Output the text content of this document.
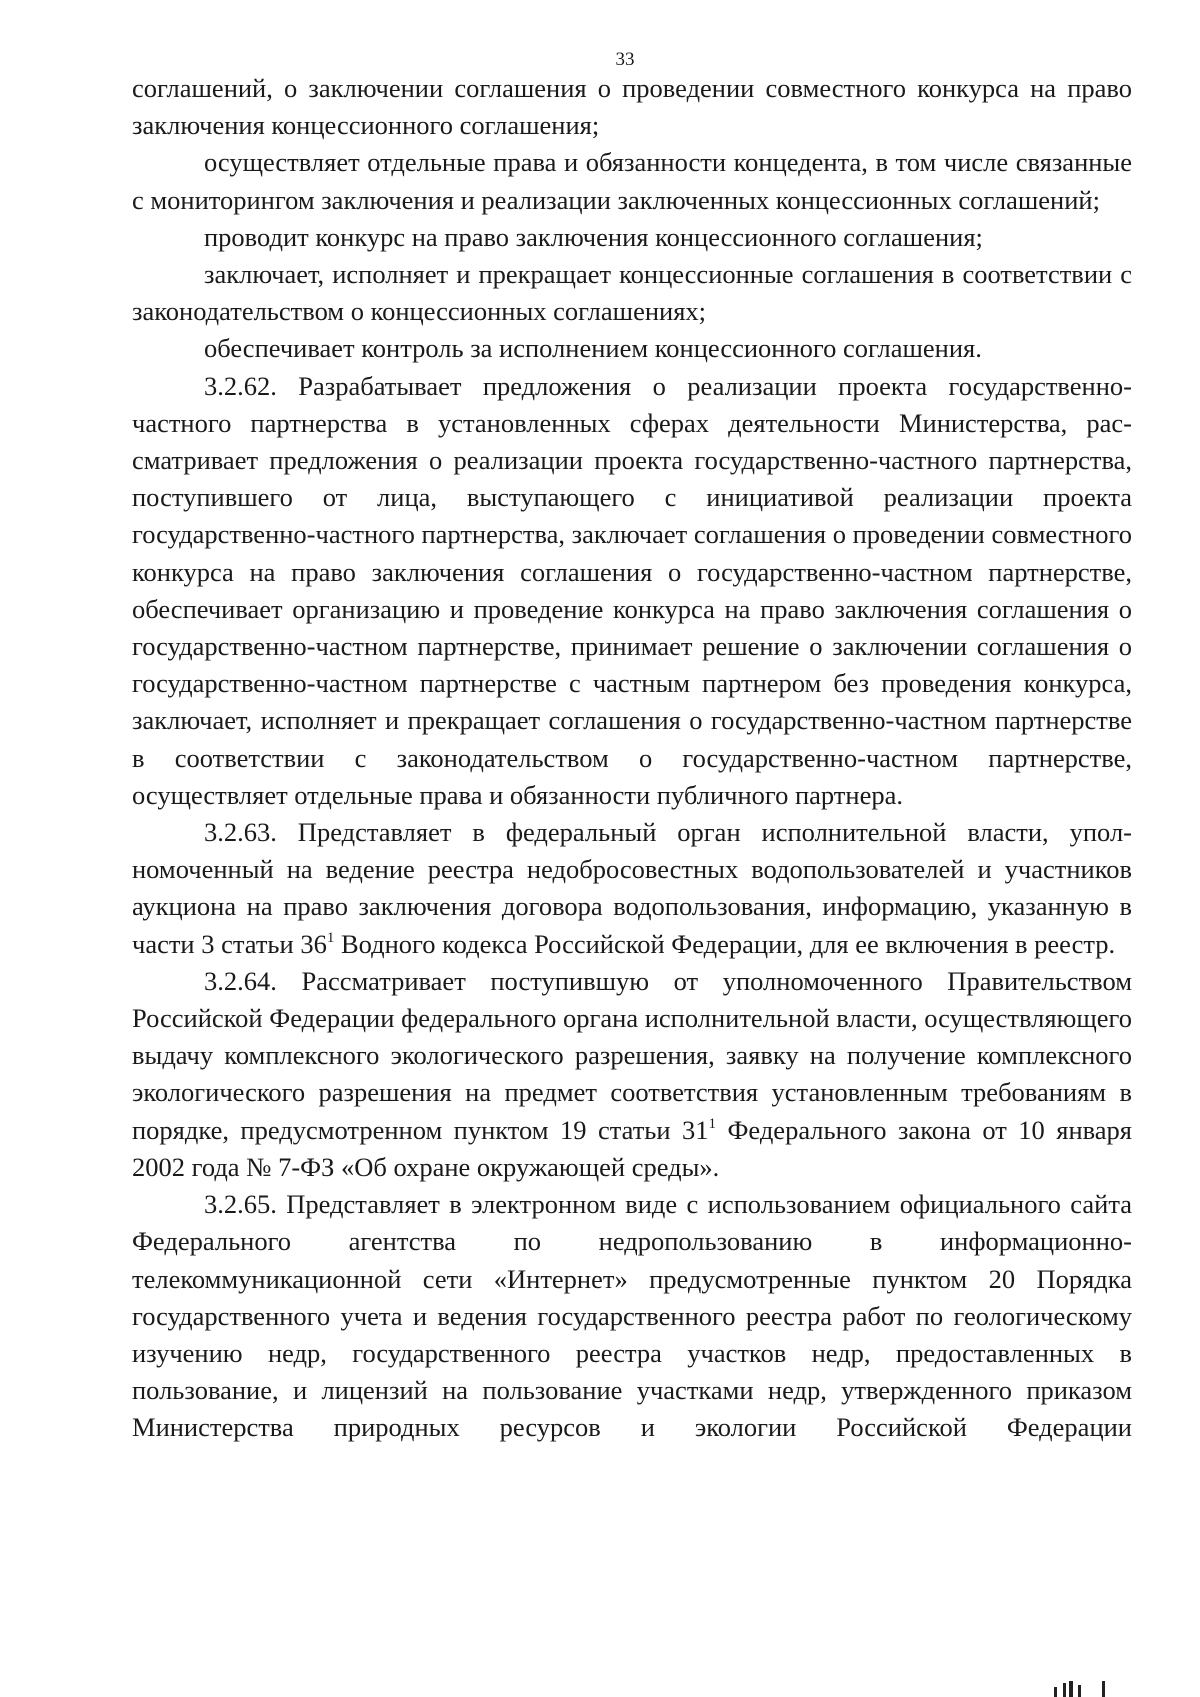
33

соглашений, о заключении соглашения о проведении совместного конкурса на право заключения концессионного соглашения;

осуществляет отдельные права и обязанности концедента, в том числе связанные с мониторингом заключения и реализации заключенных концессионных соглашений;

проводит конкурс на право заключения концессионного соглашения;

заключает, исполняет и прекращает концессионные соглашения в соответствии с законодательством о концессионных соглашениях;

обеспечивает контроль за исполнением концессионного соглашения.

3.2.62. Разрабатывает предложения о реализации проекта государственно-частного партнерства в установленных сферах деятельности Министерства, рассматривает предложения о реализации проекта государственно-частного партнерства, поступившего от лица, выступающего с инициативой реализации проекта государственно-частного партнерства, заключает соглашения о проведении совместного конкурса на право заключения соглашения о государственно-частном партнерстве, обеспечивает организацию и проведение конкурса на право заключения соглашения о государственно-частном партнерстве, принимает решение о заключении соглашения о государственно-частном партнерстве с частным партнером без проведения конкурса, заключает, исполняет и прекращает соглашения о государственно-частном партнерстве в соответствии с законодательством о государственно-частном партнерстве, осуществляет отдельные права и обязанности публичного партнера.

3.2.63. Представляет в федеральный орган исполнительной власти, уполномоченный на ведение реестра недобросовестных водопользователей и участников аукциона на право заключения договора водопользования, информацию, указанную в части 3 статьи $36^1$ Водного кодекса Российской Федерации, для ее включения в реестр.

3.2.64. Рассматривает поступившую от уполномоченного Правительством Российской Федерации федерального органа исполнительной власти, осуществляющего выдачу комплексного экологического разрешения, заявку на получение комплексного экологического разрешения на предмет соответствия установленным требованиям в порядке, предусмотренном пунктом 19 статьи $31^1$ Федерального закона от 10 января 2002 года № 7-ФЗ «Об охране окружающей среды».

3.2.65. Представляет в электронном виде с использованием официального сайта Федерального агентства по недропользованию в информационно-телекоммуникационной сети «Интернет» предусмотренные пунктом 20 Порядка государственного учета и ведения государственного реестра работ по геологическому изучению недр, государственного реестра участков недр, предоставленных в пользование, и лицензий на пользование участками недр, утвержденного приказом Министерства природных ресурсов и экологии Российской Федерации
